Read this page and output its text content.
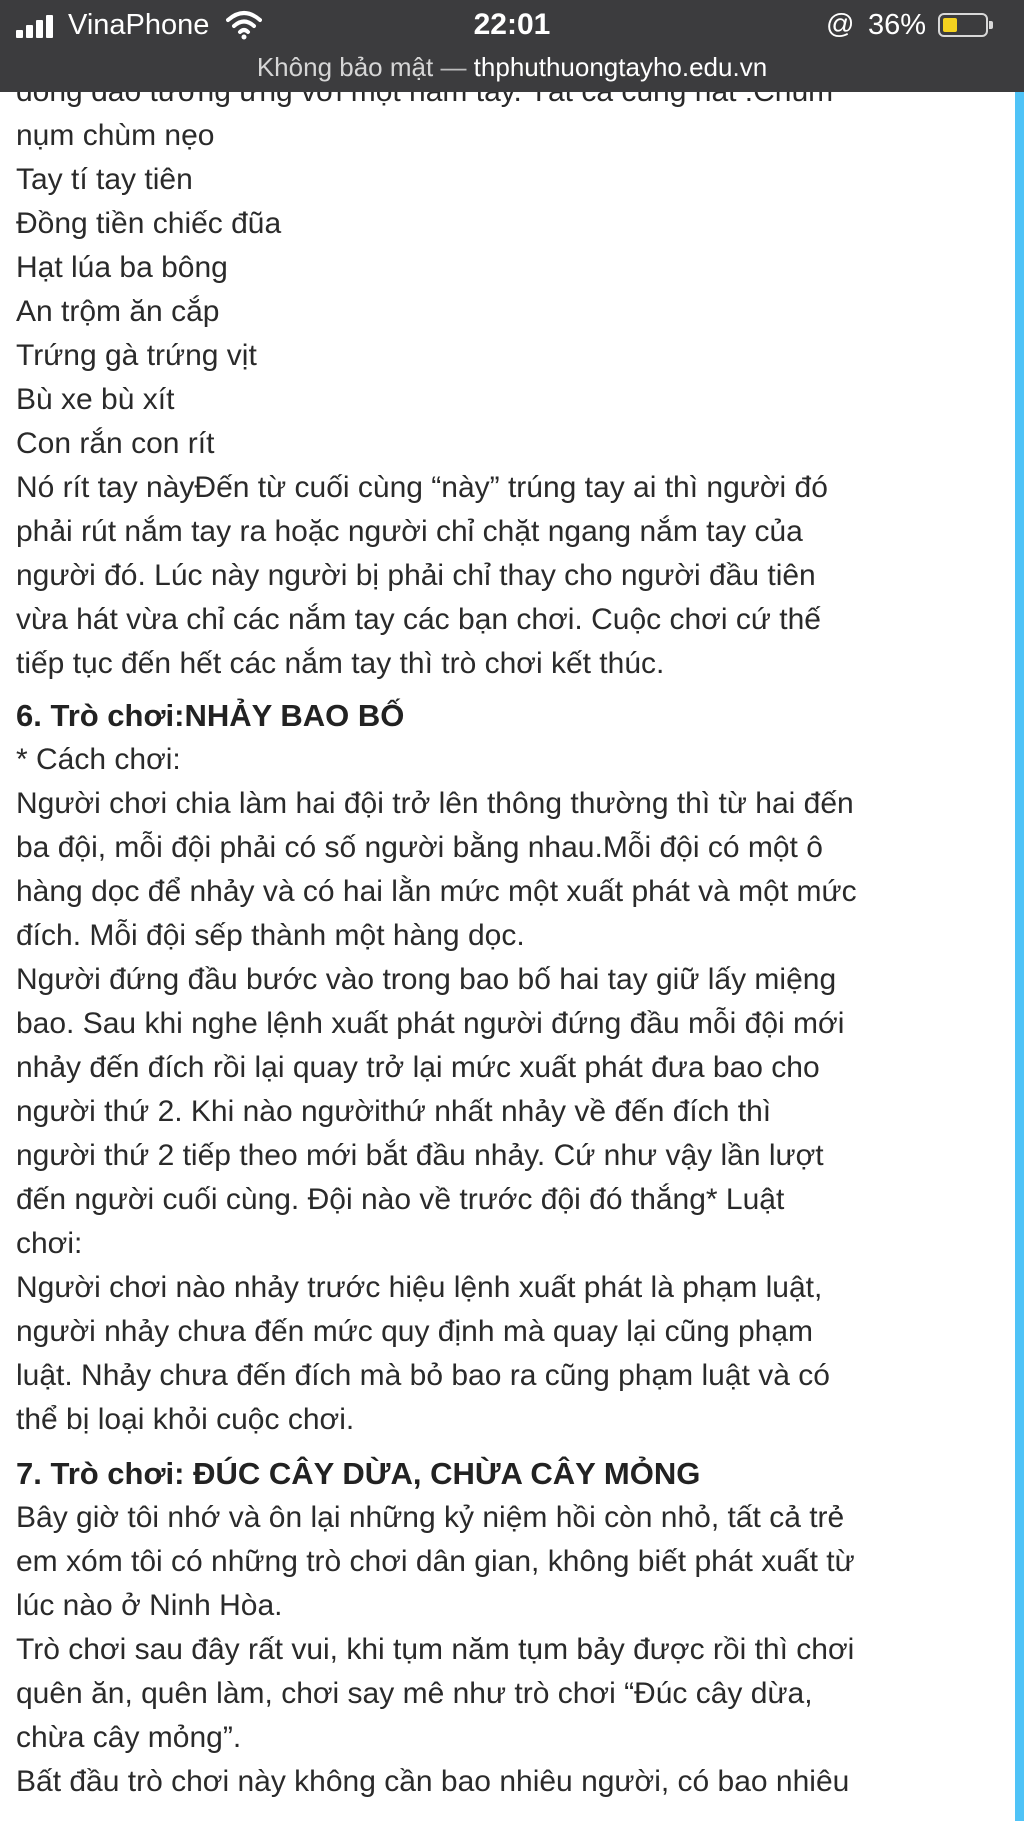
VinaPhone	22:01	@ 36%
Không bảo mật — thphuthuongtayho.edu.vn

nụm chùm nẹo

Tay tí tay tiên

Đồng tiền chiếc đũa

Hạt lúa ba bông

An trộm ăn cắp

Trứng gà trứng vịt

Bù xe bù xít

Con rắn con rít

Nó rít tay nàyĐến từ cuối cùng “này” trúng tay ai thì người đó

phải rút nắm tay ra hoặc người chỉ chặt ngang nắm tay của

người đó. Lúc này người bị phải chỉ thay cho người đầu tiên

vừa hát vừa chỉ các nắm tay các bạn chơi. Cuộc chơi cứ thế

tiếp tục đến hết các nắm tay thì trò chơi kết thúc.

6. Trò chơi:NHẢY BAO BỐ

* Cách chơi:

Người chơi chia làm hai đội trở lên thông thường thì từ hai đến

ba đội, mỗi đội phải có số người bằng nhau.Mỗi đội có một ô

hàng dọc để nhảy và có hai lằn mức một xuất phát và một mức

đích. Mỗi đội sếp thành một hàng dọc.

Người đứng đầu bước vào trong bao bố hai tay giữ lấy miệng

bao. Sau khi nghe lệnh xuất phát người đứng đầu mỗi đội mới

nhảy đến đích rồi lại quay trở lại mức xuất phát đưa bao cho

người thứ 2. Khi nào ngườithứ nhất nhảy về đến đích thì

người thứ 2 tiếp theo mới bắt đầu nhảy. Cứ như vậy lần lượt

đến người cuối cùng. Đội nào về trước đội đó thắng* Luật

chơi:

Người chơi nào nhảy trước hiệu lệnh xuất phát là phạm luật,

người nhảy chưa đến mức quy định mà quay lại cũng phạm

luật. Nhảy chưa đến đích mà bỏ bao ra cũng phạm luật và có

thể bị loại khỏi cuộc chơi.

7. Trò chơi: ĐÚC CÂY DỪA, CHỪA CÂY MỎNG

Bây giờ tôi nhớ và ôn lại những kỷ niệm hồi còn nhỏ, tất cả trẻ

em xóm tôi có những trò chơi dân gian, không biết phát xuất từ

lúc nào ở Ninh Hòa.

Trò chơi sau đây rất vui, khi tụm năm tụm bảy được rồi thì chơi

quên ăn, quên làm, chơi say mê như trò chơi “Đúc cây dừa,

chừa cây mỏng”.

Bất đầu trò chơi này không cần bao nhiêu người, có bao nhiêu
